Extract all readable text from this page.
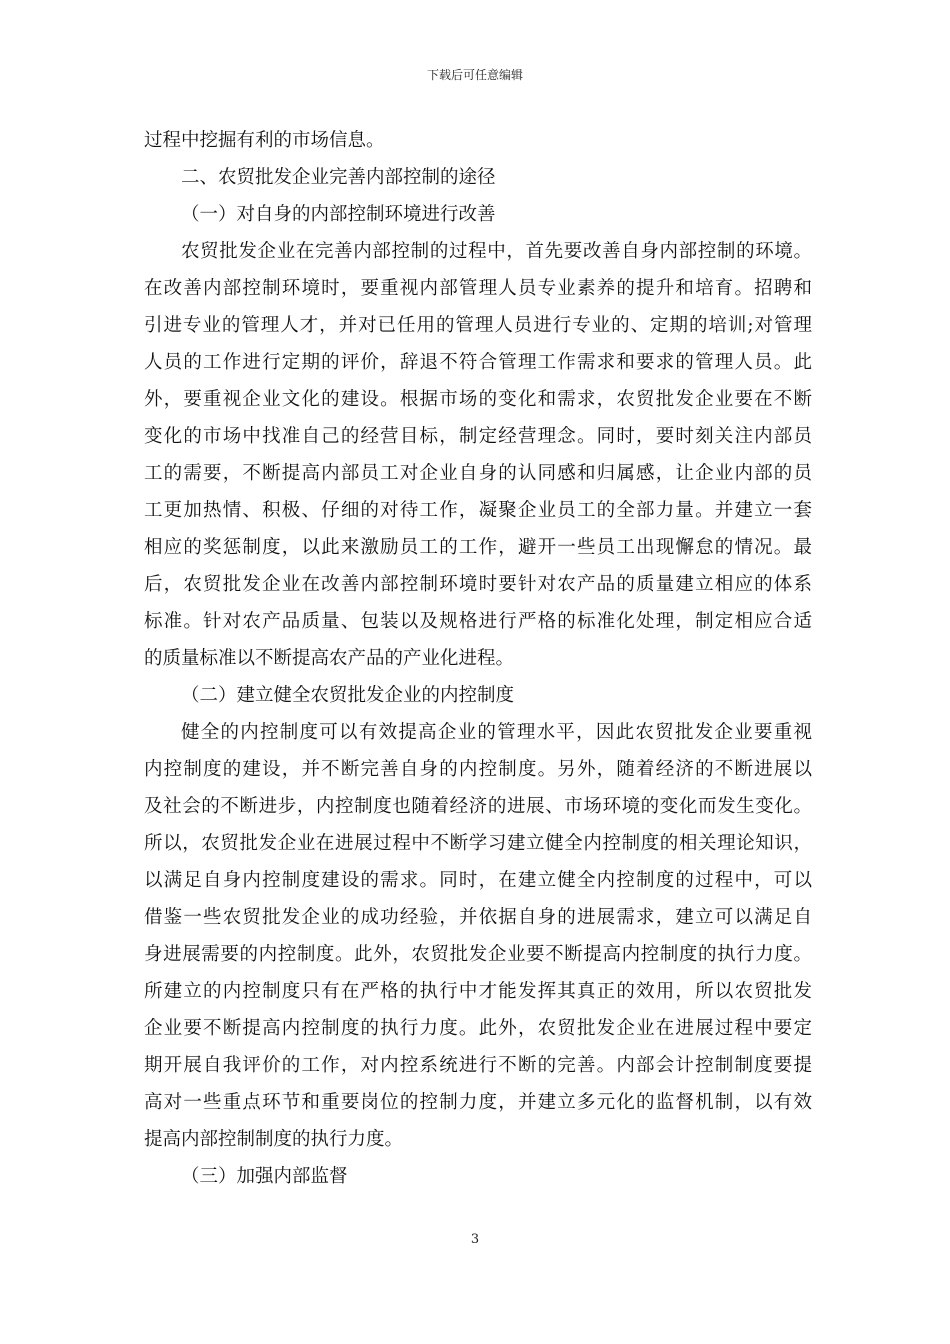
下载后可任意编辑
过程中挖掘有利的市场信息。
二、农贸批发企业完善内部控制的途径
（一）对自身的内部控制环境进行改善
农贸批发企业在完善内部控制的过程中，首先要改善自身内部控制的环境。
在改善内部控制环境时，要重视内部管理人员专业素养的提升和培育。招聘和
引进专业的管理人才，并对已任用的管理人员进行专业的、定期的培训;对管理
人员的工作进行定期的评价，辞退不符合管理工作需求和要求的管理人员。此
外，要重视企业文化的建设。根据市场的变化和需求，农贸批发企业要在不断
变化的市场中找准自己的经营目标，制定经营理念。同时，要时刻关注内部员
工的需要，不断提高内部员工对企业自身的认同感和归属感，让企业内部的员
工更加热情、积极、仔细的对待工作，凝聚企业员工的全部力量。并建立一套
相应的奖惩制度，以此来激励员工的工作，避开一些员工出现懈怠的情况。最
后，农贸批发企业在改善内部控制环境时要针对农产品的质量建立相应的体系
标准。针对农产品质量、包装以及规格进行严格的标准化处理，制定相应合适
的质量标准以不断提高农产品的产业化进程。
（二）建立健全农贸批发企业的内控制度
健全的内控制度可以有效提高企业的管理水平，因此农贸批发企业要重视
内控制度的建设，并不断完善自身的内控制度。另外，随着经济的不断进展以
及社会的不断进步，内控制度也随着经济的进展、市场环境的变化而发生变化。
所以，农贸批发企业在进展过程中不断学习建立健全内控制度的相关理论知识，
以满足自身内控制度建设的需求。同时，在建立健全内控制度的过程中，可以
借鉴一些农贸批发企业的成功经验，并依据自身的进展需求，建立可以满足自
身进展需要的内控制度。此外，农贸批发企业要不断提高内控制度的执行力度。
所建立的内控制度只有在严格的执行中才能发挥其真正的效用，所以农贸批发
企业要不断提高内控制度的执行力度。此外，农贸批发企业在进展过程中要定
期开展自我评价的工作，对内控系统进行不断的完善。内部会计控制制度要提
高对一些重点环节和重要岗位的控制力度，并建立多元化的监督机制，以有效
提高内部控制制度的执行力度。
（三）加强内部监督
3
